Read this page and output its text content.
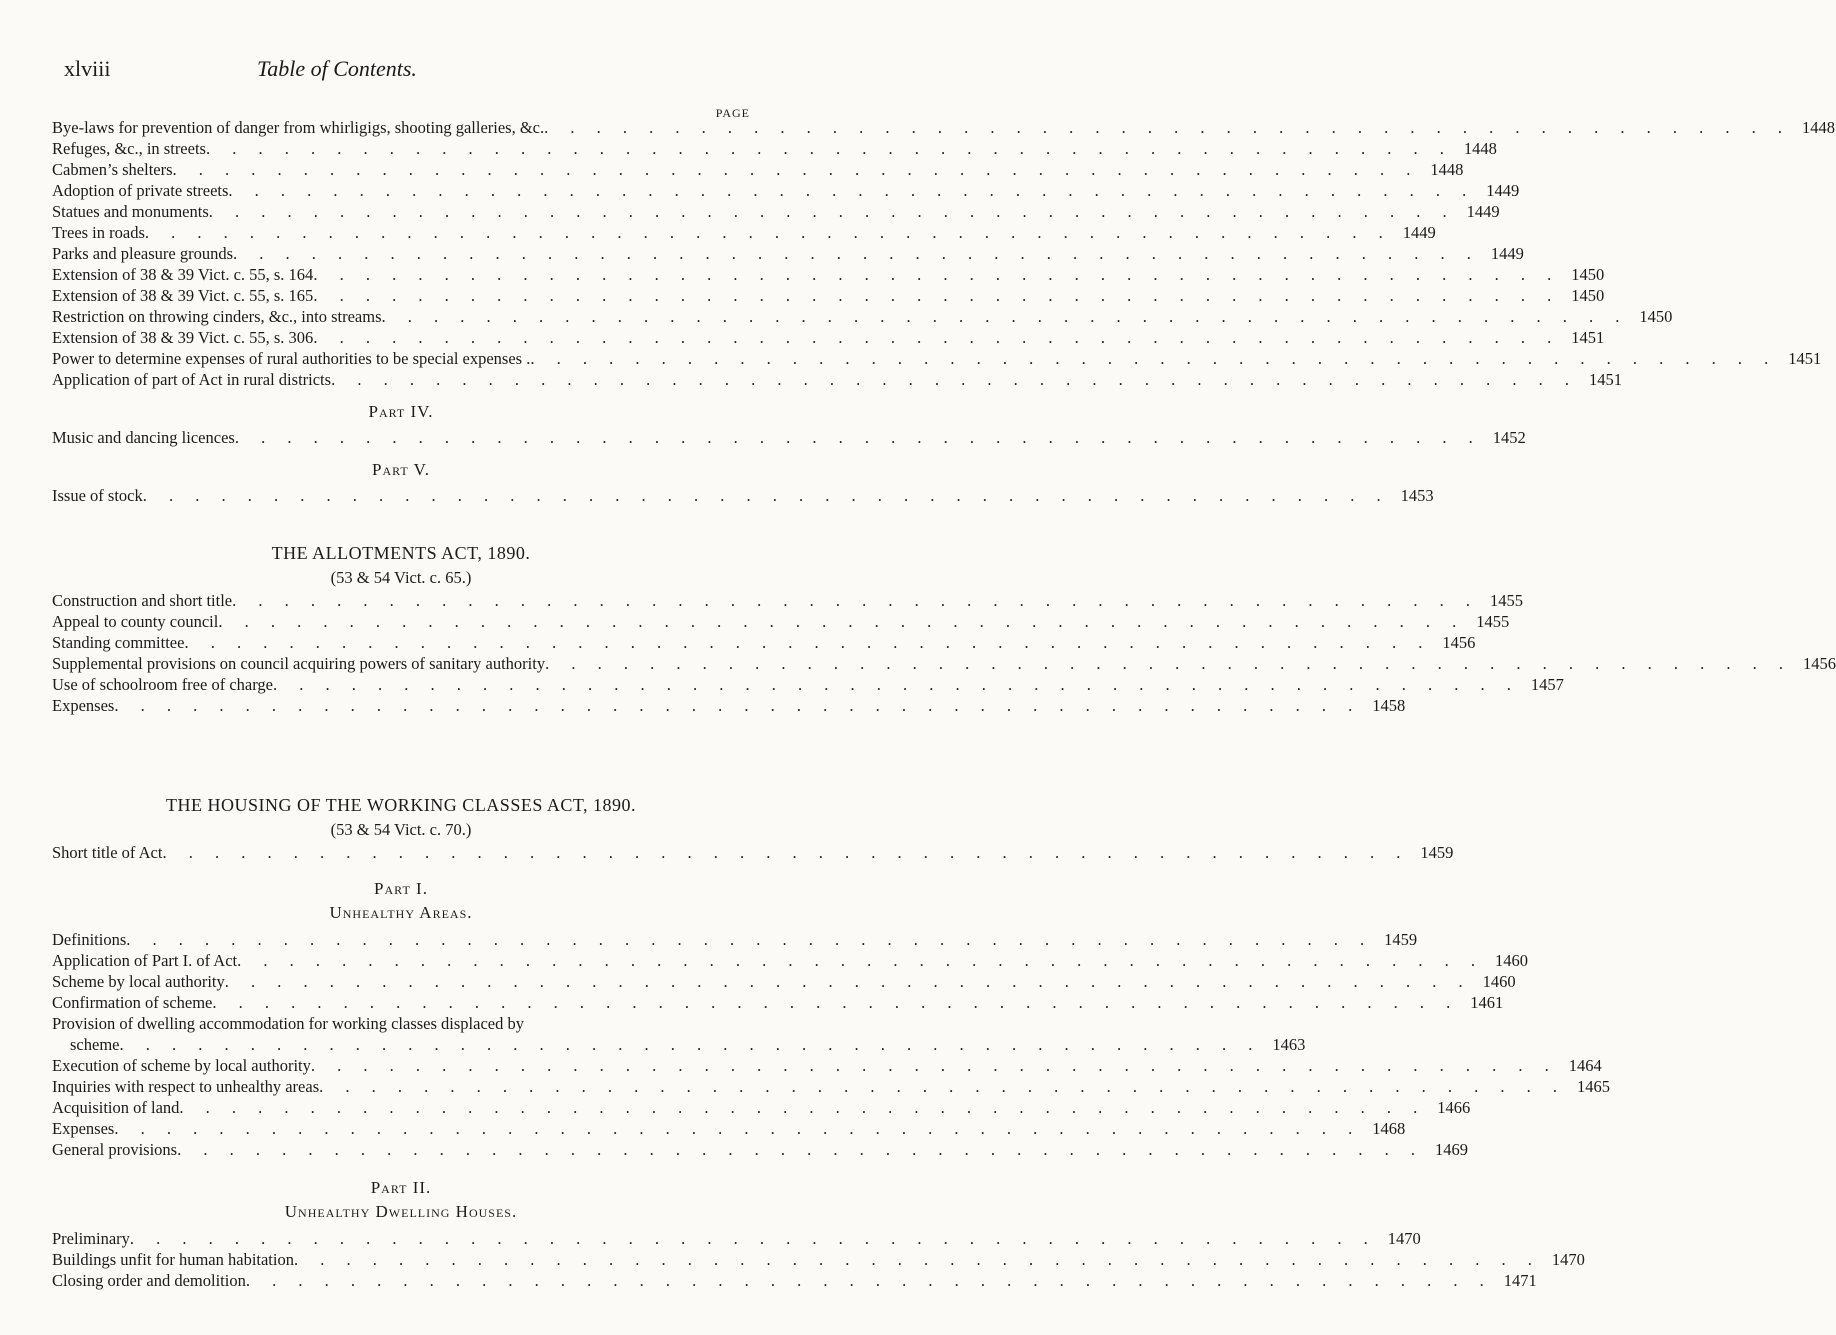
xlviii	Table of Contents.
PAGE
Bye-laws for prevention of danger from whirligigs, shooting galleries, &c. . . . . . . . . . . . . . . . . . . . . . . . . . . . . . . . . . . . . . . . . . . . . . . . . 1448
Refuges, &c., in streets . . . . . . . . . . . . . . . . . . . . . . . . . . . . . . . . . . . . . . . . . . . . . . . . 1448
Cabmen’s shelters . . . . . . . . . . . . . . . . . . . . . . . . . . . . . . . . . . . . . . . . . . . . . . . . 1448
Adoption of private streets . . . . . . . . . . . . . . . . . . . . . . . . . . . . . . . . . . . . . . . . . . . . . . . . 1449
Statues and monuments . . . . . . . . . . . . . . . . . . . . . . . . . . . . . . . . . . . . . . . . . . . . . . . . 1449
Trees in roads . . . . . . . . . . . . . . . . . . . . . . . . . . . . . . . . . . . . . . . . . . . . . . . . 1449
Parks and pleasure grounds . . . . . . . . . . . . . . . . . . . . . . . . . . . . . . . . . . . . . . . . . . . . . . . . 1449
Extension of 38 & 39 Vict. c. 55, s. 164 . . . . . . . . . . . . . . . . . . . . . . . . . . . . . . . . . . . . . . . . . . . . . . . . 1450
Extension of 38 & 39 Vict. c. 55, s. 165 . . . . . . . . . . . . . . . . . . . . . . . . . . . . . . . . . . . . . . . . . . . . . . . . 1450
Restriction on throwing cinders, &c., into streams . . . . . . . . . . . . . . . . . . . . . . . . . . . . . . . . . . . . . . . . . . . . . . . . 1450
Extension of 38 & 39 Vict. c. 55, s. 306 . . . . . . . . . . . . . . . . . . . . . . . . . . . . . . . . . . . . . . . . . . . . . . . . 1451
Power to determine expenses of rural authorities to be special expenses . . . . . . . . . . . . . . . . . . . . . . . . . . . . . . . . . . . . . . . . . . . . . . . . . 1451
Application of part of Act in rural districts . . . . . . . . . . . . . . . . . . . . . . . . . . . . . . . . . . . . . . . . . . . . . . . . 1451
Part IV.
Music and dancing licences . . . . . . . . . . . . . . . . . . . . . . . . . . . . . . . . . . . . . . . . . . . . . . . . 1452
Part V.
Issue of stock . . . . . . . . . . . . . . . . . . . . . . . . . . . . . . . . . . . . . . . . . . . . . . . . 1453
THE ALLOTMENTS ACT, 1890.
(53 & 54 Vict. c. 65.)
Construction and short title . . . . . . . . . . . . . . . . . . . . . . . . . . . . . . . . . . . . . . . . . . . . . . . . 1455
Appeal to county council . . . . . . . . . . . . . . . . . . . . . . . . . . . . . . . . . . . . . . . . . . . . . . . . 1455
Standing committee . . . . . . . . . . . . . . . . . . . . . . . . . . . . . . . . . . . . . . . . . . . . . . . . 1456
Supplemental provisions on council acquiring powers of sanitary authority . . . . . . . . . . . . . . . . . . . . . . . . . . . . . . . . . . . . . . . . . . . . . . . . 1456
Use of schoolroom free of charge . . . . . . . . . . . . . . . . . . . . . . . . . . . . . . . . . . . . . . . . . . . . . . . . 1457
Expenses . . . . . . . . . . . . . . . . . . . . . . . . . . . . . . . . . . . . . . . . . . . . . . . . 1458
THE HOUSING OF THE WORKING CLASSES ACT, 1890.
(53 & 54 Vict. c. 70.)
Short title of Act . . . . . . . . . . . . . . . . . . . . . . . . . . . . . . . . . . . . . . . . . . . . . . . . 1459
Part I.
Unhealthy Areas.
Definitions . . . . . . . . . . . . . . . . . . . . . . . . . . . . . . . . . . . . . . . . . . . . . . . . 1459
Application of Part I. of Act . . . . . . . . . . . . . . . . . . . . . . . . . . . . . . . . . . . . . . . . . . . . . . . . 1460
Scheme by local authority . . . . . . . . . . . . . . . . . . . . . . . . . . . . . . . . . . . . . . . . . . . . . . . . 1460
Confirmation of scheme . . . . . . . . . . . . . . . . . . . . . . . . . . . . . . . . . . . . . . . . . . . . . . . . 1461
Provision of dwelling accommodation for working classes displaced by
scheme . . . . . . . . . . . . . . . . . . . . . . . . . . . . . . . . . . . . . . . . . . . . 1463
Execution of scheme by local authority . . . . . . . . . . . . . . . . . . . . . . . . . . . . . . . . . . . . . . . . . . . . . . . . 1464
Inquiries with respect to unhealthy areas . . . . . . . . . . . . . . . . . . . . . . . . . . . . . . . . . . . . . . . . . . . . . . . . 1465
Acquisition of land . . . . . . . . . . . . . . . . . . . . . . . . . . . . . . . . . . . . . . . . . . . . . . . . 1466
Expenses . . . . . . . . . . . . . . . . . . . . . . . . . . . . . . . . . . . . . . . . . . . . . . . . 1468
General provisions . . . . . . . . . . . . . . . . . . . . . . . . . . . . . . . . . . . . . . . . . . . . . . . . 1469
Part II.
Unhealthy Dwelling Houses.
Preliminary . . . . . . . . . . . . . . . . . . . . . . . . . . . . . . . . . . . . . . . . . . . . . . . . 1470
Buildings unfit for human habitation . . . . . . . . . . . . . . . . . . . . . . . . . . . . . . . . . . . . . . . . . . . . . . . . 1470
Closing order and demolition . . . . . . . . . . . . . . . . . . . . . . . . . . . . . . . . . . . . . . . . . . . . . . . . 1471
